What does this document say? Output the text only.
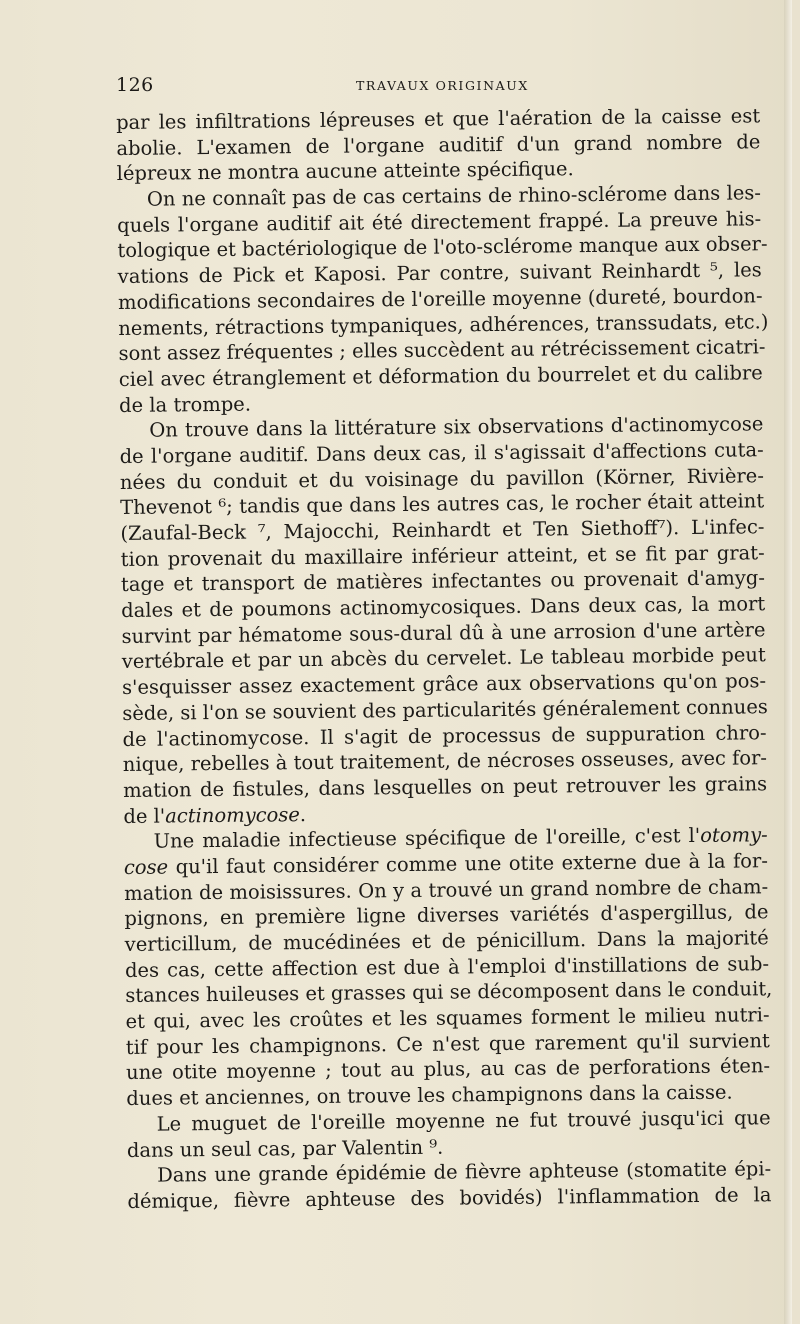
126	TRAVAUX ORIGINAUX
par les infiltrations lépreuses et que l'aération de la caisse est
abolie. L'examen de l'organe auditif d'un grand nombre de
lépreux ne montra aucune atteinte spécifique.
On ne connaît pas de cas certains de rhino-sclérome dans les-
quels l'organe auditif ait été directement frappé. La preuve his-
tologique et bactériologique de l'oto-sclérome manque aux obser-
vations de Pick et Kaposi. Par contre, suivant Reinhardt ⁵, les
modifications secondaires de l'oreille moyenne (dureté, bourdon-
nements, rétractions tympaniques, adhérences, transsudats, etc.)
sont assez fréquentes ; elles succèdent au rétrécissement cicatri-
ciel avec étranglement et déformation du bourrelet et du calibre
de la trompe.
On trouve dans la littérature six observations d'actinomycose
de l'organe auditif. Dans deux cas, il s'agissait d'affections cuta-
nées du conduit et du voisinage du pavillon (Körner, Rivière-
Thevenot ⁶; tandis que dans les autres cas, le rocher était atteint
(Zaufal-Beck ⁷, Majocchi, Reinhardt et Ten Siethoff⁷). L'infec-
tion provenait du maxillaire inférieur atteint, et se fit par grat-
tage et transport de matières infectantes ou provenait d'amyg-
dales et de poumons actinomycosiques. Dans deux cas, la mort
survint par hématome sous-dural dû à une arrosion d'une artère
vertébrale et par un abcès du cervelet. Le tableau morbide peut
s'esquisser assez exactement grâce aux observations qu'on pos-
sède, si l'on se souvient des particularités généralement connues
de l'actinomycose. Il s'agit de processus de suppuration chro-
nique, rebelles à tout traitement, de nécroses osseuses, avec for-
mation de fistules, dans lesquelles on peut retrouver les grains
de l'actinomycose.
Une maladie infectieuse spécifique de l'oreille, c'est l'otomy-
cose qu'il faut considérer comme une otite externe due à la for-
mation de moisissures. On y a trouvé un grand nombre de cham-
pignons, en première ligne diverses variétés d'aspergillus, de
verticillum, de mucédinées et de pénicillum. Dans la majorité
des cas, cette affection est due à l'emploi d'instillations de sub-
stances huileuses et grasses qui se décomposent dans le conduit,
et qui, avec les croûtes et les squames forment le milieu nutri-
tif pour les champignons. Ce n'est que rarement qu'il survient
une otite moyenne ; tout au plus, au cas de perforations éten-
dues et anciennes, on trouve les champignons dans la caisse.
Le muguet de l'oreille moyenne ne fut trouvé jusqu'ici que
dans un seul cas, par Valentin ⁹.
Dans une grande épidémie de fièvre aphteuse (stomatite épi-
démique, fièvre aphteuse des bovidés) l'inflammation de la
